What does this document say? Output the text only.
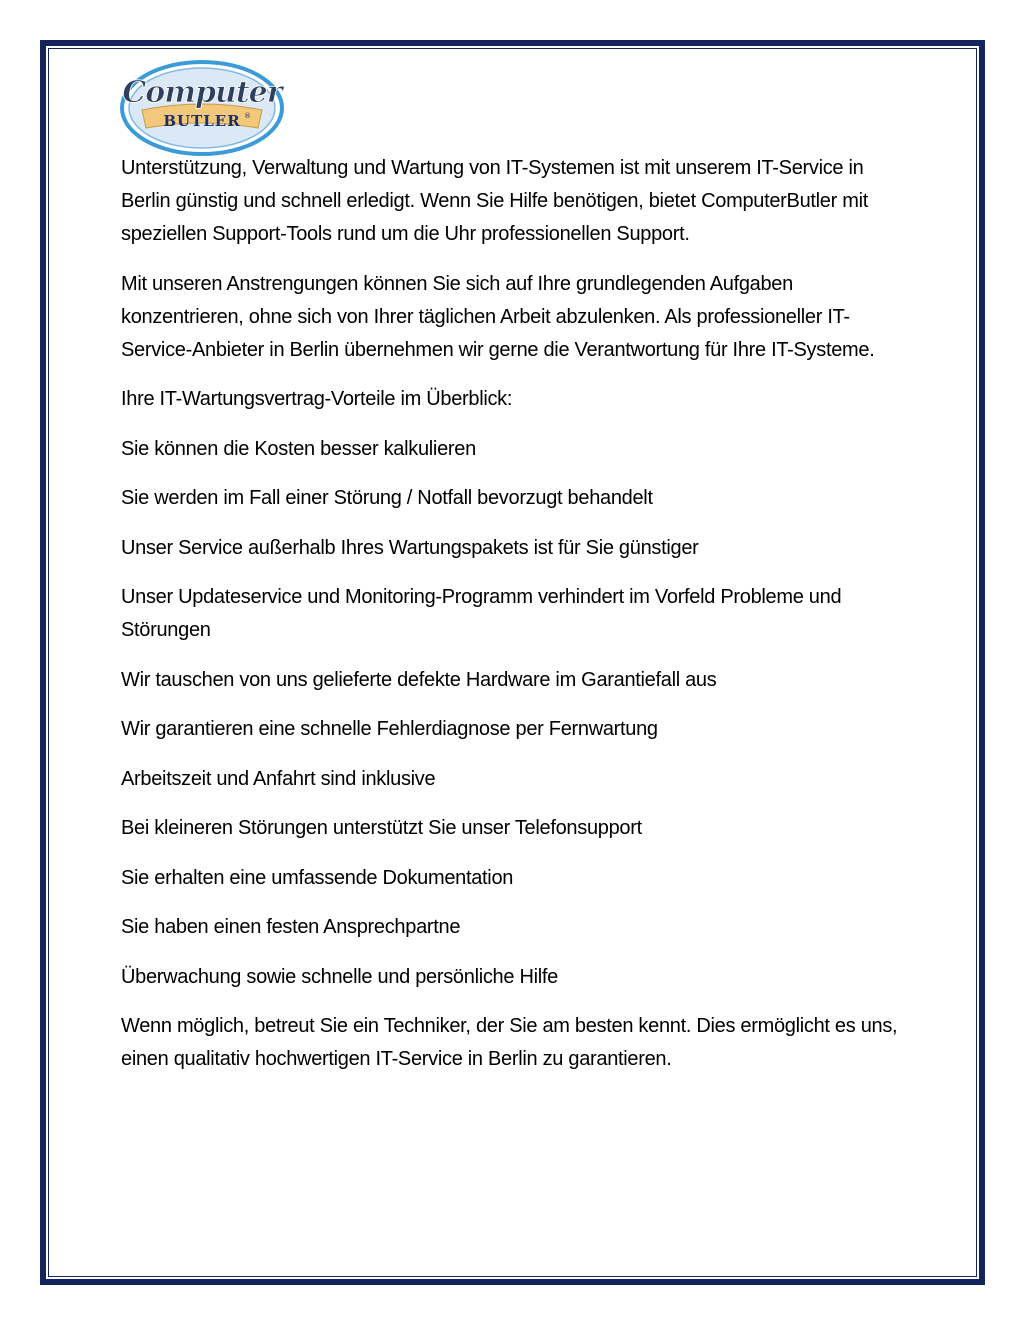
Computer
BUTLER ®

Unterstützung, Verwaltung und Wartung von IT-Systemen ist mit unserem IT-Service in Berlin günstig und schnell erledigt. Wenn Sie Hilfe benötigen, bietet ComputerButler mit speziellen Support-Tools rund um die Uhr professionellen Support.

Mit unseren Anstrengungen können Sie sich auf Ihre grundlegenden Aufgaben konzentrieren, ohne sich von Ihrer täglichen Arbeit abzulenken. Als professioneller IT-Service-Anbieter in Berlin übernehmen wir gerne die Verantwortung für Ihre IT-Systeme.

Ihre IT-Wartungsvertrag-Vorteile im Überblick:

Sie können die Kosten besser kalkulieren

Sie werden im Fall einer Störung / Notfall bevorzugt behandelt

Unser Service außerhalb Ihres Wartungspakets ist für Sie günstiger

Unser Updateservice und Monitoring-Programm verhindert im Vorfeld Probleme und Störungen

Wir tauschen von uns gelieferte defekte Hardware im Garantiefall aus

Wir garantieren eine schnelle Fehlerdiagnose per Fernwartung

Arbeitszeit und Anfahrt sind inklusive

Bei kleineren Störungen unterstützt Sie unser Telefonsupport

Sie erhalten eine umfassende Dokumentation

Sie haben einen festen Ansprechpartne

Überwachung sowie schnelle und persönliche Hilfe

Wenn möglich, betreut Sie ein Techniker, der Sie am besten kennt. Dies ermöglicht es uns, einen qualitativ hochwertigen IT-Service in Berlin zu garantieren.
